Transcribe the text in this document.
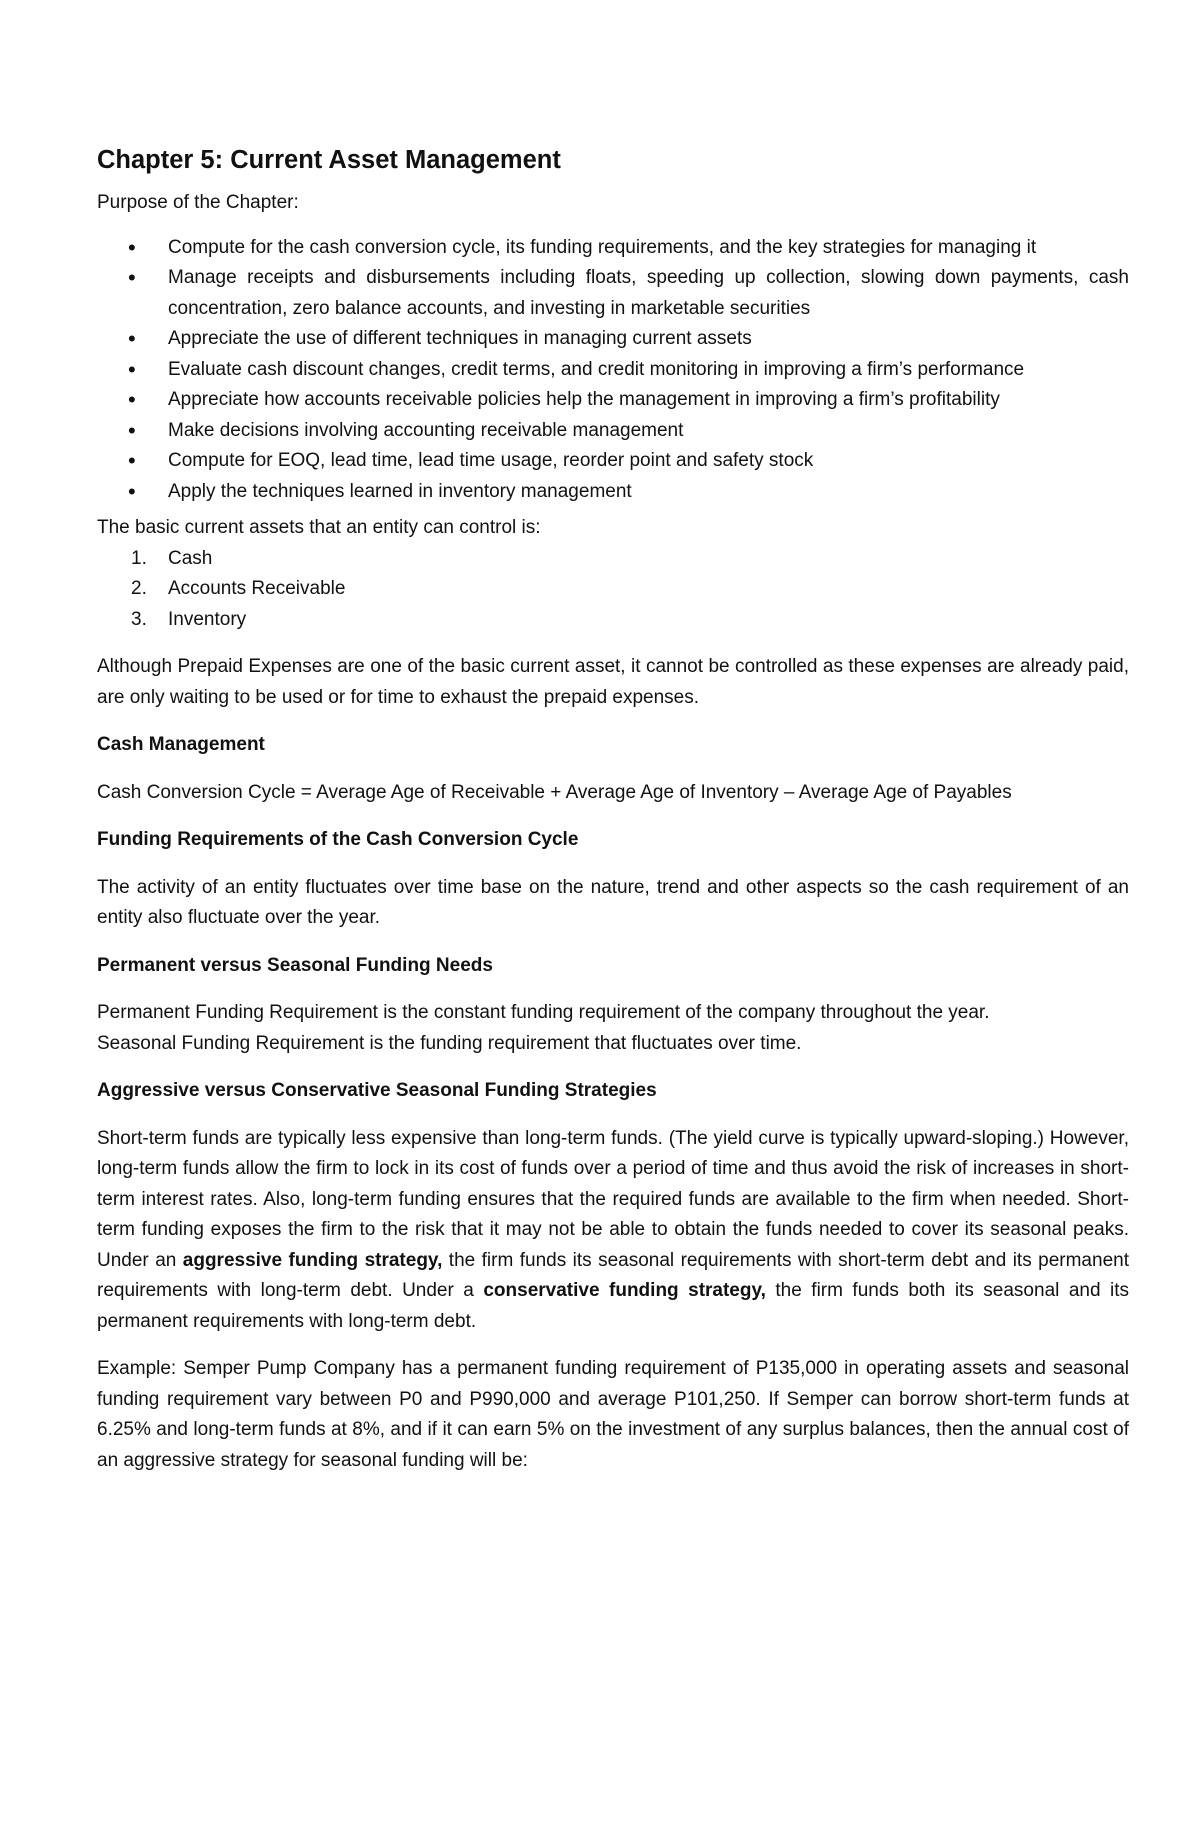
Chapter 5: Current Asset Management

Purpose of the Chapter:

• Compute for the cash conversion cycle, its funding requirements, and the key strategies for managing it
• Manage receipts and disbursements including floats, speeding up collection, slowing down payments, cash concentration, zero balance accounts, and investing in marketable securities
• Appreciate the use of different techniques in managing current assets
• Evaluate cash discount changes, credit terms, and credit monitoring in improving a firm’s performance
• Appreciate how accounts receivable policies help the management in improving a firm’s profitability
• Make decisions involving accounting receivable management
• Compute for EOQ, lead time, lead time usage, reorder point and safety stock
• Apply the techniques learned in inventory management

The basic current assets that an entity can control is:

1. Cash
2. Accounts Receivable
3. Inventory

Although Prepaid Expenses are one of the basic current asset, it cannot be controlled as these expenses are already paid, are only waiting to be used or for time to exhaust the prepaid expenses.

Cash Management

Cash Conversion Cycle = Average Age of Receivable + Average Age of Inventory – Average Age of Payables

Funding Requirements of the Cash Conversion Cycle

The activity of an entity fluctuates over time base on the nature, trend and other aspects so the cash requirement of an entity also fluctuate over the year.

Permanent versus Seasonal Funding Needs

Permanent Funding Requirement is the constant funding requirement of the company throughout the year.

Seasonal Funding Requirement is the funding requirement that fluctuates over time.

Aggressive versus Conservative Seasonal Funding Strategies

Short-term funds are typically less expensive than long-term funds. (The yield curve is typically upward-sloping.) However, long-term funds allow the firm to lock in its cost of funds over a period of time and thus avoid the risk of increases in short-term interest rates. Also, long-term funding ensures that the required funds are available to the firm when needed. Short-term funding exposes the firm to the risk that it may not be able to obtain the funds needed to cover its seasonal peaks. Under an aggressive funding strategy, the firm funds its seasonal requirements with short-term debt and its permanent requirements with long-term debt. Under a conservative funding strategy, the firm funds both its seasonal and its permanent requirements with long-term debt.

Example: Semper Pump Company has a permanent funding requirement of P135,000 in operating assets and seasonal funding requirement vary between P0 and P990,000 and average P101,250. If Semper can borrow short-term funds at 6.25% and long-term funds at 8%, and if it can earn 5% on the investment of any surplus balances, then the annual cost of an aggressive strategy for seasonal funding will be:
